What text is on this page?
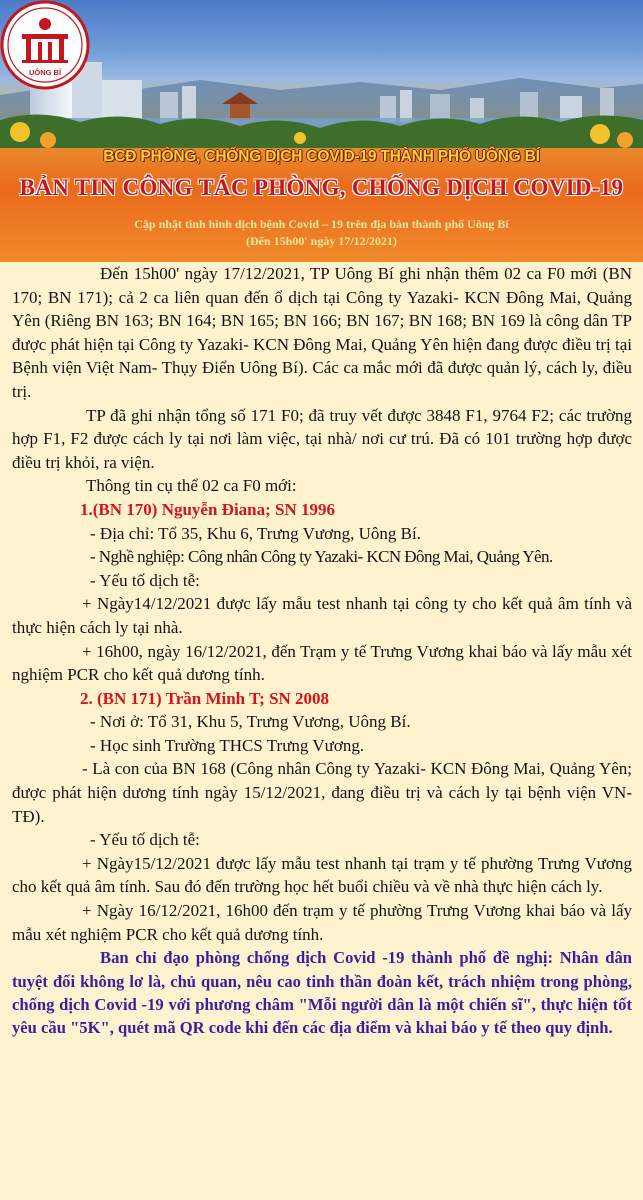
UÔNG BÍ
BCĐ PHÒNG, CHỐNG DỊCH COVID-19 THÀNH PHỐ UÔNG BÍ
BẢN TIN CÔNG TÁC PHÒNG, CHỐNG DỊCH COVID-19
Cập nhật tình hình dịch bệnh Covid – 19 trên địa bàn thành phố Uông Bí
(Đến 15h00' ngày 17/12/2021)

Đến 15h00' ngày 17/12/2021, TP Uông Bí ghi nhận thêm 02 ca F0 mới (BN 170; BN 171); cả 2 ca liên quan đến ổ dịch tại Công ty Yazaki- KCN Đông Mai, Quảng Yên (Riêng BN 163; BN 164; BN 165; BN 166; BN 167; BN 168; BN 169 là công dân TP được phát hiện tại Công ty Yazaki- KCN Đông Mai, Quảng Yên hiện đang được điều trị tại Bệnh viện Việt Nam- Thụy Điển Uông Bí). Các ca mắc mới đã được quản lý, cách ly, điều trị.

TP đã ghi nhận tổng số 171 F0; đã truy vết được 3848 F1, 9764 F2; các trường hợp F1, F2 được cách ly tại nơi làm việc, tại nhà/ nơi cư trú. Đã có 101 trường hợp được điều trị khỏi, ra viện.

Thông tin cụ thể 02 ca F0 mới:

1.(BN 170) Nguyễn Điana; SN 1996

- Địa chỉ: Tổ 35, Khu 6, Trưng Vương, Uông Bí.

- Nghề nghiệp: Công nhân Công ty Yazaki- KCN Đông Mai, Quảng Yên.

- Yếu tố dịch tễ:

+ Ngày14/12/2021 được lấy mẫu test nhanh tại công ty cho kết quả âm tính và thực hiện cách ly tại nhà.

+ 16h00, ngày 16/12/2021, đến Trạm y tế Trưng Vương khai báo và lấy mẫu xét nghiệm PCR cho kết quả dương tính.

2. (BN 171) Trần Minh T; SN 2008

- Nơi ở: Tổ 31, Khu 5, Trưng Vương, Uông Bí.

- Học sinh Trường THCS Trưng Vương.

- Là con của BN 168 (Công nhân Công ty Yazaki- KCN Đông Mai, Quảng Yên; được phát hiện dương tính ngày 15/12/2021, đang điều trị và cách ly tại bệnh viện VN-TĐ).

- Yếu tố dịch tễ:

+ Ngày15/12/2021 được lấy mẫu test nhanh tại trạm y tế phường Trưng Vương cho kết quả âm tính. Sau đó đến trường học hết buổi chiều và về nhà thực hiện cách ly.

+ Ngày 16/12/2021, 16h00 đến trạm y tế phường Trưng Vương khai báo và lấy mẫu xét nghiệm PCR cho kết quả dương tính.

Ban chỉ đạo phòng chống dịch Covid -19 thành phố đề nghị: Nhân dân tuyệt đối không lơ là, chủ quan, nêu cao tinh thần đoàn kết, trách nhiệm trong phòng, chống dịch Covid -19 với phương châm "Mỗi người dân là một chiến sĩ", thực hiện tốt yêu cầu "5K", quét mã QR code khi đến các địa điểm và khai báo y tế theo quy định.
